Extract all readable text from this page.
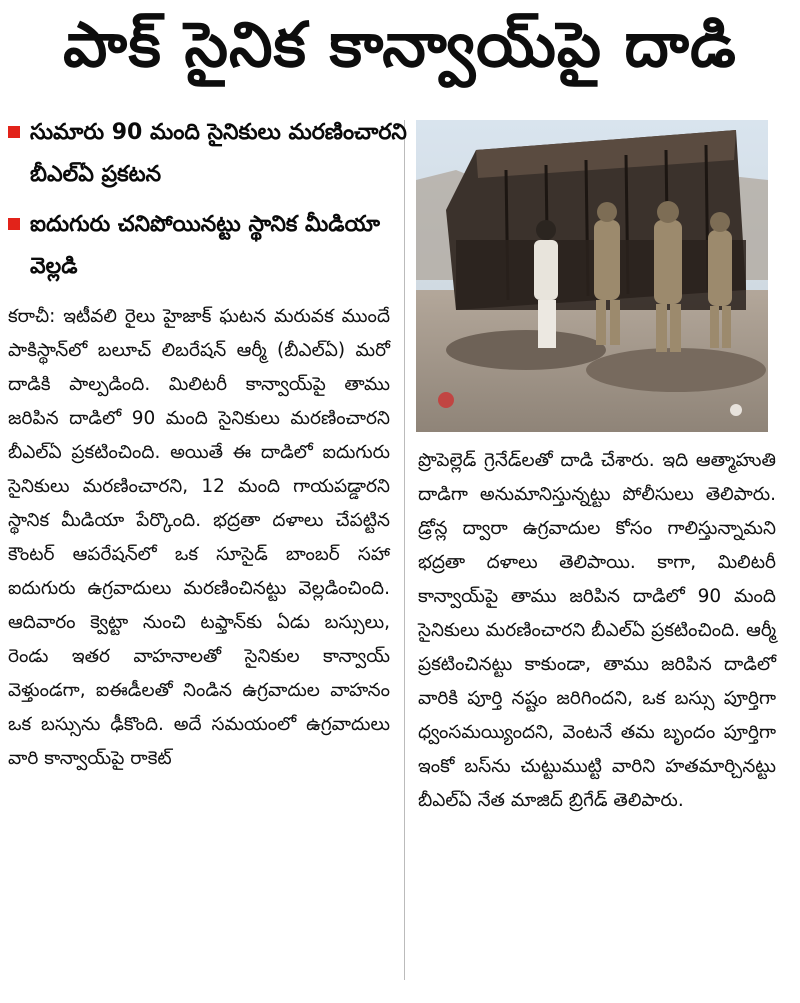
పాక్ సైనిక కాన్వాయ్‌పై దాడి
సుమారు 90 మంది సైనికులు మరణించారని బీఎల్ఏ ప్రకటన
ఐదుగురు చనిపోయినట్టు స్థానిక మీడియా వెల్లడి
కరాచీ: ఇటీవలి రైలు హైజాక్ ఘటన మరువక ముందే పాకిస్థాన్‌లో బలూచ్ లిబరేషన్ ఆర్మీ (బీఎల్ఏ) మరో దాడికి పాల్పడింది. మిలిటరీ కాన్వాయ్‌పై తాము జరిపిన దాడిలో 90 మంది సైనికులు మరణించారని బీఎల్ఏ ప్రకటించింది. అయితే ఈ దాడిలో ఐదుగురు సైనికులు మరణించారని, 12 మంది గాయపడ్డారని స్థానిక మీడియా పేర్కొంది. భద్రతా దళాలు చేపట్టిన కౌంటర్ ఆపరేషన్‌లో ఒక సూసైడ్ బాంబర్ సహా ఐదుగురు ఉగ్రవాదులు మరణించినట్టు వెల్లడించింది. ఆదివారం క్వెట్టా నుంచి టఫ్తాన్‌కు ఏడు బస్సులు, రెండు ఇతర వాహనాలతో సైనికుల కాన్వాయ్ వెళ్తుండగా, ఐఈడీలతో నిండిన ఉగ్రవాదుల వాహనం ఒక బస్సును ఢీకొంది. అదే సమయంలో ఉగ్రవాదులు వారి కాన్వాయ్‌పై రాకెట్
ప్రొపెల్లెడ్ గ్రెనేడ్‌లతో దాడి చేశారు. ఇది ఆత్మాహుతి దాడిగా అనుమానిస్తున్నట్టు పోలీసులు తెలిపారు. డ్రోన్ల ద్వారా ఉగ్రవాదుల కోసం గాలిస్తున్నామని భద్రతా దళాలు తెలిపాయి. కాగా, మిలిటరీ కాన్వాయ్‌పై తాము జరిపిన దాడిలో 90 మంది సైనికులు మరణించారని బీఎల్ఏ ప్రకటించింది. ఆర్మీ ప్రకటించినట్టు కాకుండా, తాము జరిపిన దాడిలో వారికి పూర్తి నష్టం జరిగిందని, ఒక బస్సు పూర్తిగా ధ్వంసమయ్యిందని, వెంటనే తమ బృందం పూర్తిగా ఇంకో బస్‌ను చుట్టుముట్టి వారిని హతమార్చినట్టు బీఎల్ఏ నేత మాజిద్ బ్రిగేడ్ తెలిపారు.
